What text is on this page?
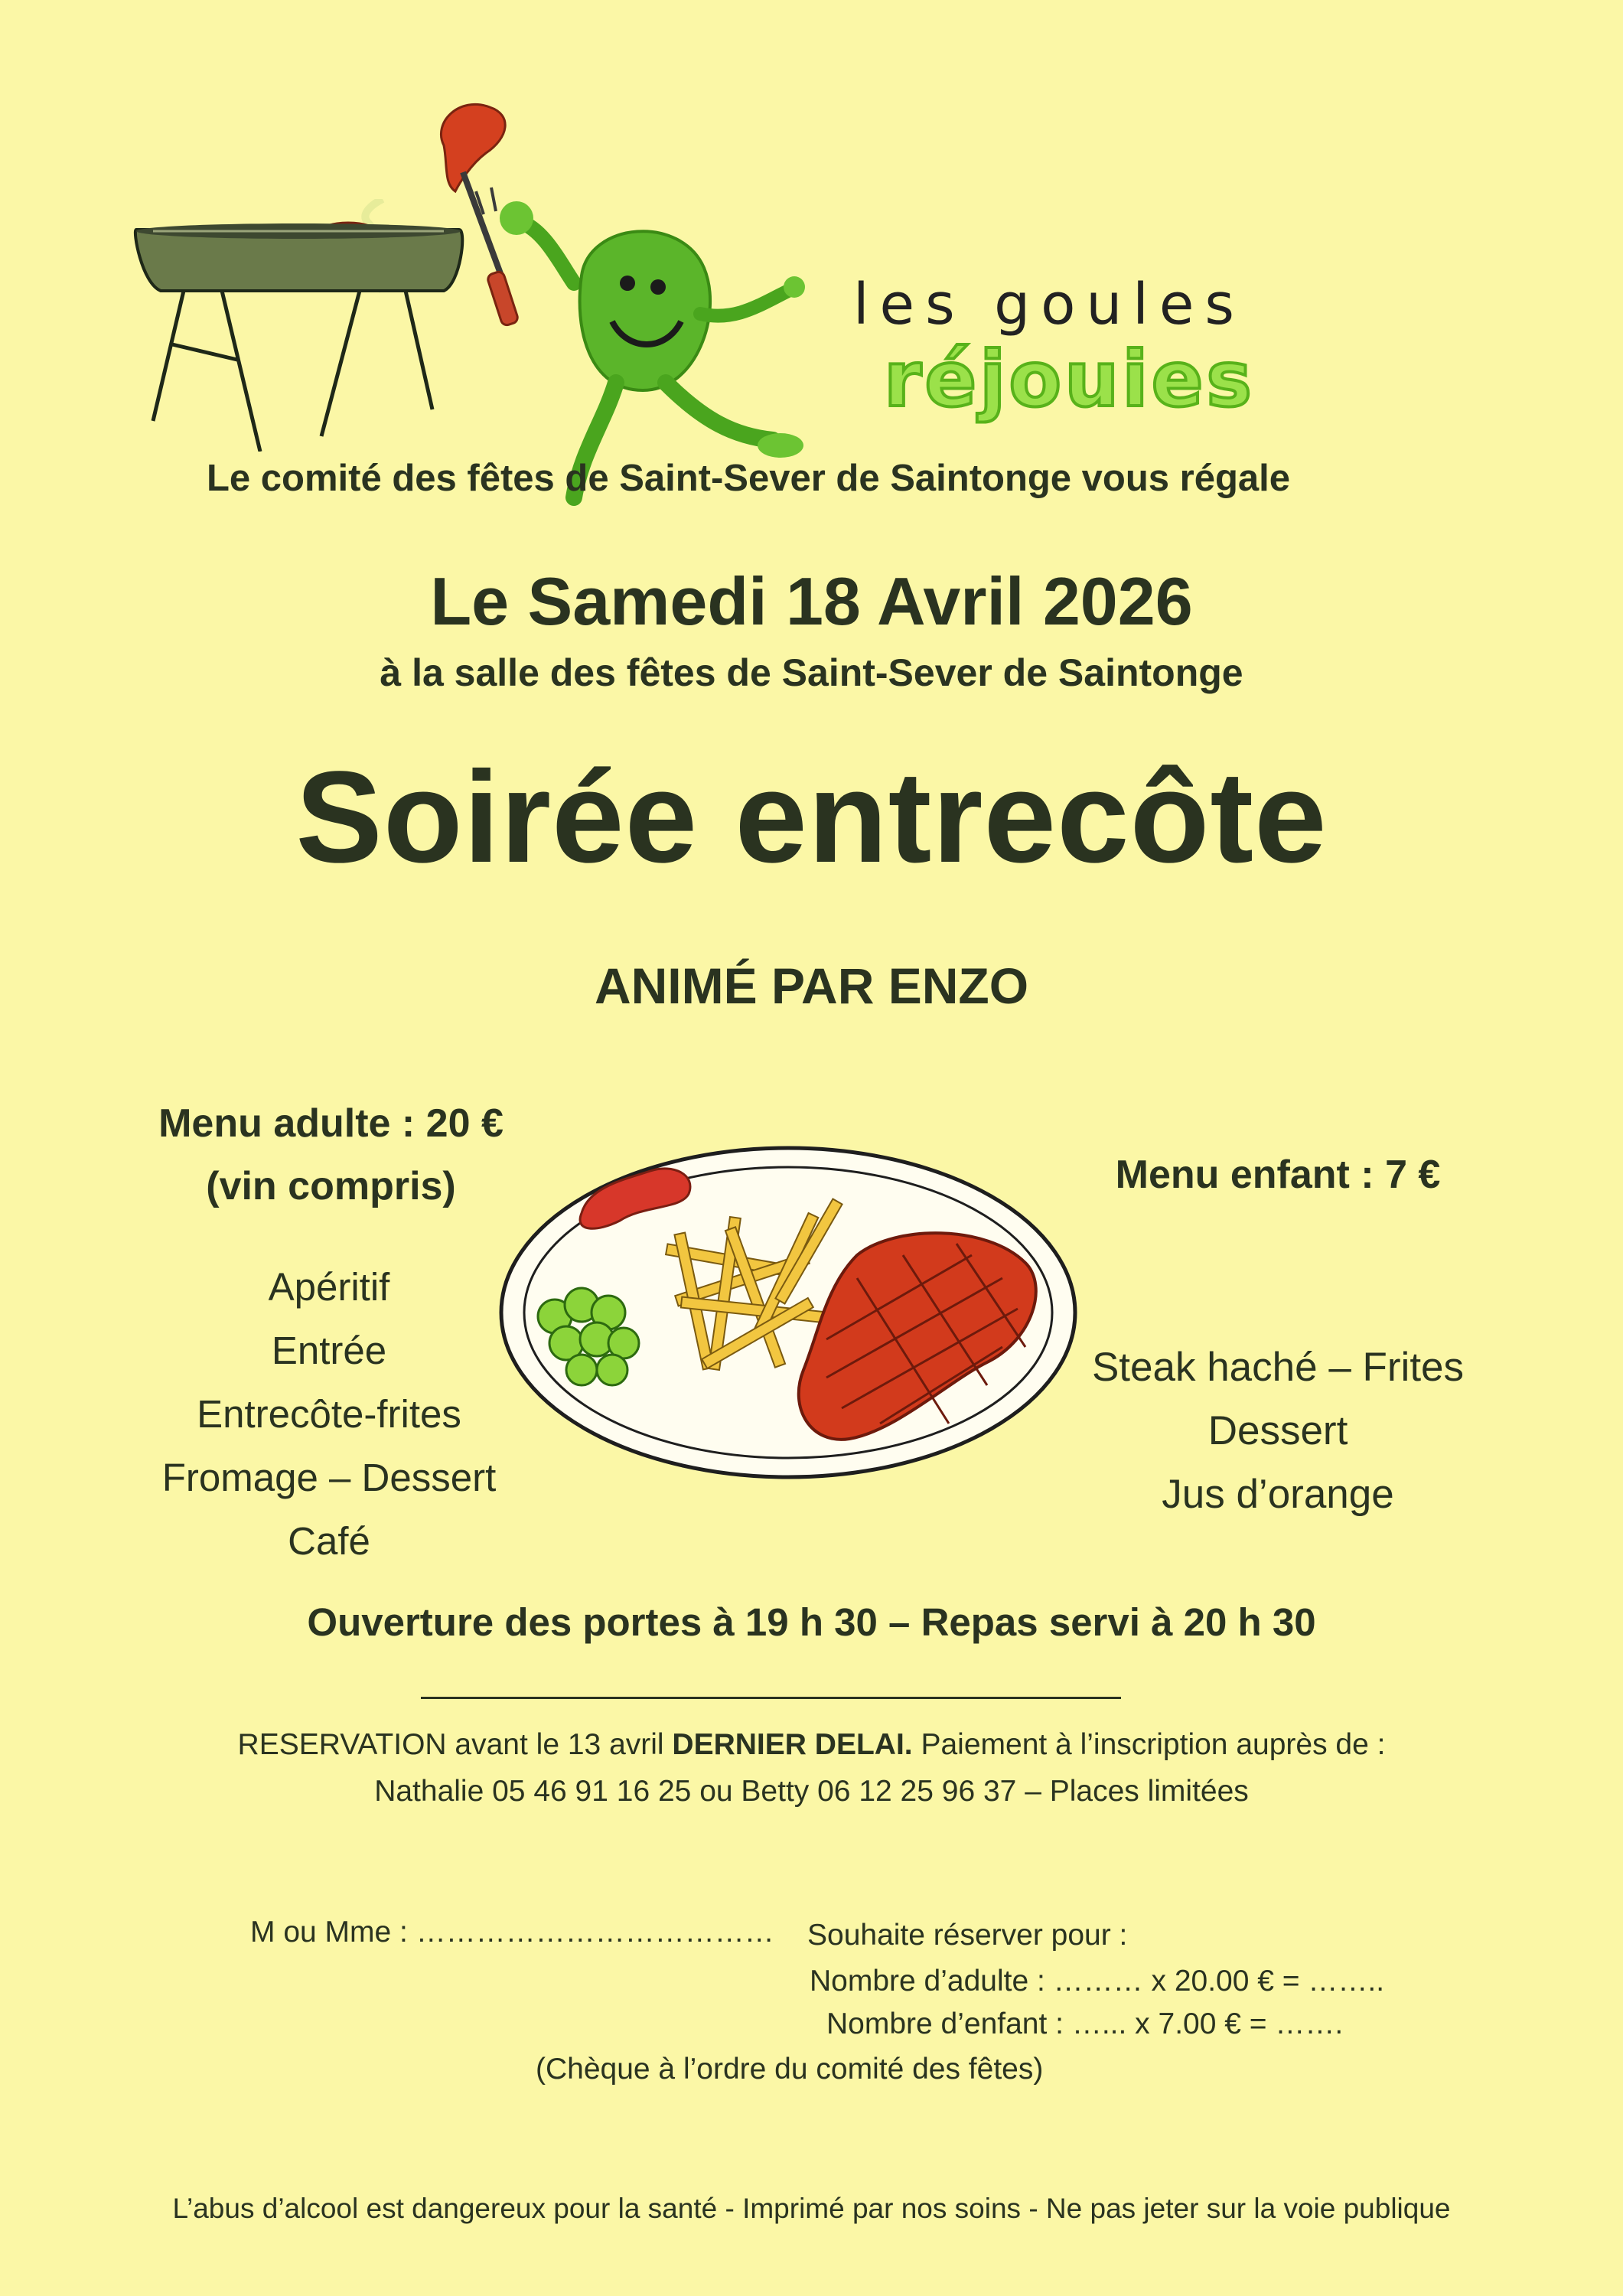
les goules
réjouies
Le comité des fêtes de Saint-Sever de Saintonge vous régale
Le Samedi 18 Avril 2026
à la salle des fêtes de Saint-Sever de Saintonge
Soirée entrecôte
ANIMÉ PAR ENZO
Menu adulte : 20 €
(vin compris)
Apéritif
Entrée
Entrecôte-frites
Fromage – Dessert
Café
Menu enfant : 7 €
Steak haché – Frites
Dessert
Jus d’orange
Ouverture des portes à 19 h 30 – Repas servi à 20 h 30
RESERVATION avant le 13 avril DERNIER DELAI. Paiement à l’inscription auprès de :
Nathalie 05 46 91 16 25 ou Betty 06 12 25 96 37 – Places limitées
M ou Mme : ……………………………… Souhaite réserver pour :
Nombre d’adulte : ……… x 20.00 € = ……..
Nombre d’enfant : …... x 7.00 € = …….
(Chèque à l’ordre du comité des fêtes)
L’abus d’alcool est dangereux pour la santé - Imprimé par nos soins - Ne pas jeter sur la voie publique
